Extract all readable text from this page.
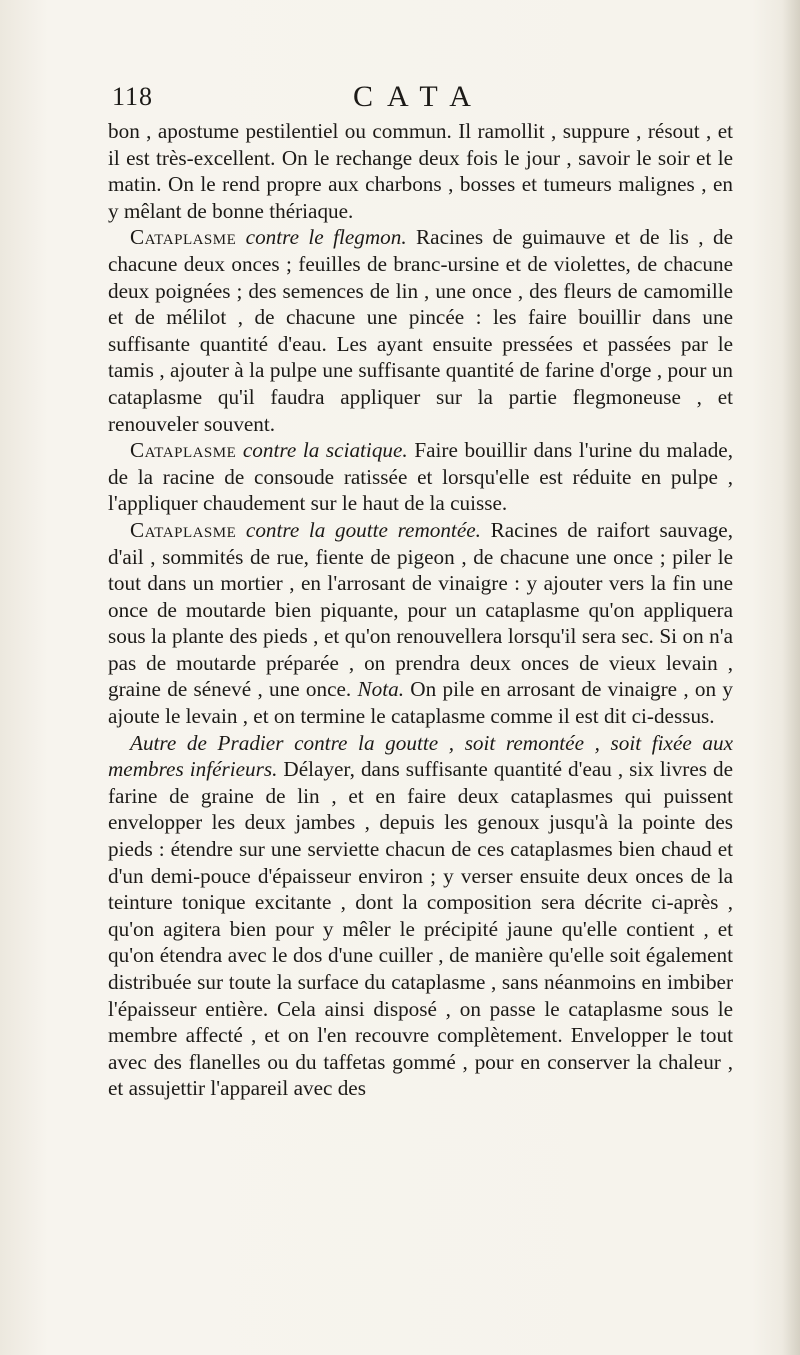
118	CATA

bon , apostume pestilentiel ou commun. Il ramollit , suppure , résout , et il est très-excellent. On le rechange deux fois le jour , savoir le soir et le matin. On le rend propre aux charbons , bosses et tumeurs malignes , en y mêlant de bonne thériaque.

Cataplasme contre le flegmon. Racines de guimauve et de lis , de chacune deux onces ; feuilles de branc-ursine et de violettes, de chacune deux poignées ; des semences de lin , une once , des fleurs de camomille et de mélilot , de chacune une pincée : les faire bouillir dans une suffisante quantité d'eau. Les ayant ensuite pressées et passées par le tamis , ajouter à la pulpe une suffisante quantité de farine d'orge , pour un cataplasme qu'il faudra appliquer sur la partie flegmoneuse , et renouveler souvent.

Cataplasme contre la sciatique. Faire bouillir dans l'urine du malade, de la racine de consoude ratissée et lorsqu'elle est réduite en pulpe , l'appliquer chaudement sur le haut de la cuisse.

Cataplasme contre la goutte remontée. Racines de raifort sauvage, d'ail , sommités de rue, fiente de pigeon , de chacune une once ; piler le tout dans un mortier , en l'arrosant de vinaigre : y ajouter vers la fin une once de moutarde bien piquante, pour un cataplasme qu'on appliquera sous la plante des pieds , et qu'on renouvellera lorsqu'il sera sec. Si on n'a pas de moutarde préparée , on prendra deux onces de vieux levain , graine de sénevé , une once. Nota. On pile en arrosant de vinaigre , on y ajoute le levain , et on termine le cataplasme comme il est dit ci-dessus.

Autre de Pradier contre la goutte , soit remontée , soit fixée aux membres inférieurs. Délayer, dans suffisante quantité d'eau , six livres de farine de graine de lin , et en faire deux cataplasmes qui puissent envelopper les deux jambes , depuis les genoux jusqu'à la pointe des pieds : étendre sur une serviette chacun de ces cataplasmes bien chaud et d'un demi-pouce d'épaisseur environ ; y verser ensuite deux onces de la teinture tonique excitante , dont la composition sera décrite ci-après , qu'on agitera bien pour y mêler le précipité jaune qu'elle contient , et qu'on étendra avec le dos d'une cuiller , de manière qu'elle soit également distribuée sur toute la surface du cataplasme , sans néanmoins en imbiber l'épaisseur entière. Cela ainsi disposé , on passe le cataplasme sous le membre affecté , et on l'en recouvre complètement. Envelopper le tout avec des flanelles ou du taffetas gommé , pour en conserver la chaleur , et assujettir l'appareil avec des
